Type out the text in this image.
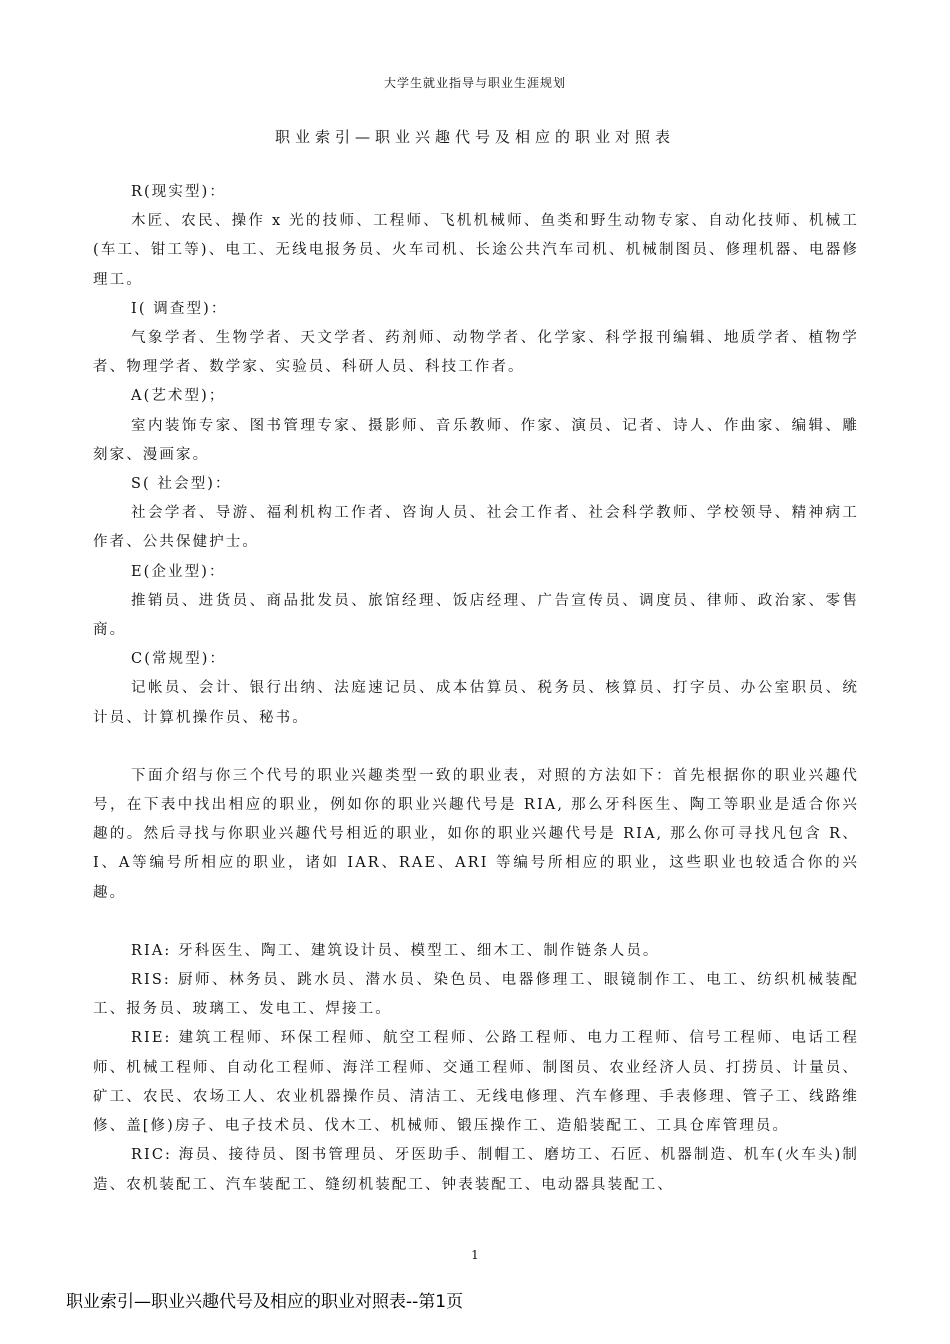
大学生就业指导与职业生涯规划
职业索引—职业兴趣代号及相应的职业对照表

R(现实型)：

木匠、农民、操作 x 光的技师、工程师、飞机机械师、鱼类和野生动物专家、自动化技师、机械工(车工、钳工等)、电工、无线电报务员、火车司机、长途公共汽车司机、机械制图员、修理机器、电器修理工。

I( 调查型)：

气象学者、生物学者、天文学者、药剂师、动物学者、化学家、科学报刊编辑、地质学者、植物学者、物理学者、数学家、实验员、科研人员、科技工作者。

A(艺术型)；

室内装饰专家、图书管理专家、摄影师、音乐教师、作家、演员、记者、诗人、作曲家、编辑、雕刻家、漫画家。

S( 社会型)：

社会学者、导游、福利机构工作者、咨询人员、社会工作者、社会科学教师、学校领导、精神病工作者、公共保健护士。

E(企业型)：

推销员、进货员、商品批发员、旅馆经理、饭店经理、广告宣传员、调度员、律师、政治家、零售商。

C(常规型)：

记帐员、会计、银行出纳、法庭速记员、成本估算员、税务员、核算员、打字员、办公室职员、统计员、计算机操作员、秘书。

下面介绍与你三个代号的职业兴趣类型一致的职业表，对照的方法如下：首先根据你的职业兴趣代号，在下表中找出相应的职业，例如你的职业兴趣代号是 RIA, 那么牙科医生、陶工等职业是适合你兴趣的。然后寻找与你职业兴趣代号相近的职业，如你的职业兴趣代号是 RIA, 那么你可寻找凡包含 R、I、A等编号所相应的职业，诸如 IAR、RAE、ARI 等编号所相应的职业，这些职业也较适合你的兴趣。

RIA: 牙科医生、陶工、建筑设计员、模型工、细木工、制作链条人员。

RIS: 厨师、林务员、跳水员、潜水员、染色员、电器修理工、眼镜制作工、电工、纺织机械装配工、报务员、玻璃工、发电工、焊接工。

RIE: 建筑工程师、环保工程师、航空工程师、公路工程师、电力工程师、信号工程师、电话工程师、机械工程师、自动化工程师、海洋工程师、交通工程师、制图员、农业经济人员、打捞员、计量员、矿工、农民、农场工人、农业机器操作员、清洁工、无线电修理、汽车修理、手表修理、管子工、线路维修、盖[修)房子、电子技术员、伐木工、机械师、锻压操作工、造船装配工、工具仓库管理员。

RIC: 海员、接待员、图书管理员、牙医助手、制帽工、磨坊工、石匠、机器制造、机车(火车头)制造、农机装配工、汽车装配工、缝纫机装配工、钟表装配工、电动器具装配工、

1
职业索引—职业兴趣代号及相应的职业对照表--第1页
